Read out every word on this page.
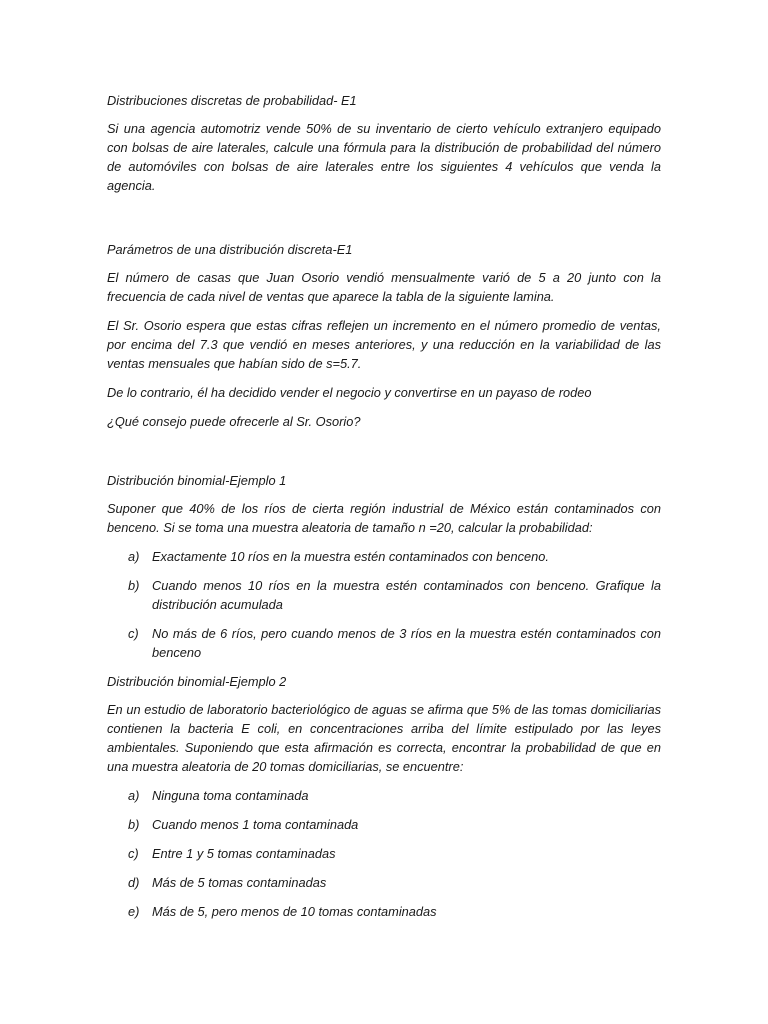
Distribuciones discretas de probabilidad- E1

Si una agencia automotriz vende 50% de su inventario de cierto vehículo extranjero equipado con bolsas de aire laterales, calcule una fórmula para la distribución de probabilidad del número de automóviles con bolsas de aire laterales entre los siguientes 4 vehículos que venda la agencia.

Parámetros de una distribución discreta-E1

El número de casas que Juan Osorio vendió mensualmente varió de 5 a 20 junto con la frecuencia de cada nivel de ventas que aparece la tabla de la siguiente lamina.

El Sr. Osorio espera que estas cifras reflejen un incremento en el número promedio de ventas, por encima del 7.3 que vendió en meses anteriores, y una reducción en la variabilidad de las ventas mensuales que habían sido de s=5.7.

De lo contrario, él ha decidido vender el negocio y convertirse en un payaso de rodeo

¿Qué consejo puede ofrecerle al Sr. Osorio?

Distribución binomial-Ejemplo 1

Suponer que 40% de los ríos de cierta región industrial de México están contaminados con benceno. Si se toma una muestra aleatoria de tamaño n =20, calcular la probabilidad:

a) Exactamente 10 ríos en la muestra estén contaminados con benceno.
b) Cuando menos 10 ríos en la muestra estén contaminados con benceno. Grafique la distribución acumulada
c) No más de 6 ríos, pero cuando menos de 3 ríos en la muestra estén contaminados con benceno
Distribución binomial-Ejemplo 2

En un estudio de laboratorio bacteriológico de aguas se afirma que 5% de las tomas domiciliarias contienen la bacteria E coli, en concentraciones arriba del límite estipulado por las leyes ambientales. Suponiendo que esta afirmación es correcta, encontrar la probabilidad de que en una muestra aleatoria de 20 tomas domiciliarias, se encuentre:

a) Ninguna toma contaminada
b) Cuando menos 1 toma contaminada
c) Entre 1 y 5 tomas contaminadas
d) Más de 5 tomas contaminadas
e) Más de 5, pero menos de 10 tomas contaminadas
